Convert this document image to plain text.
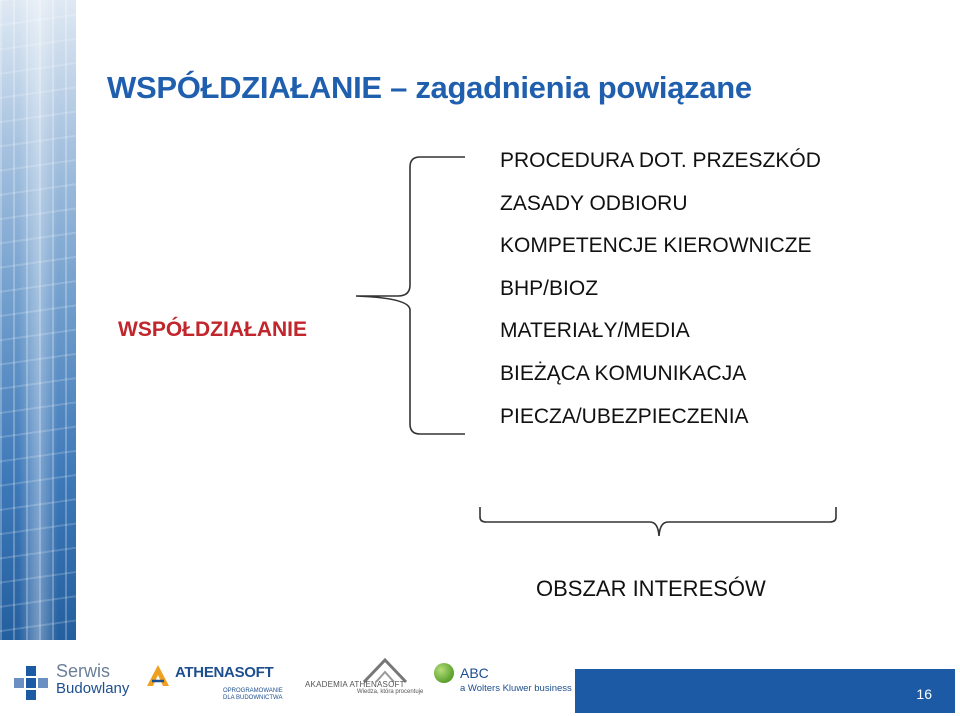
WSPÓŁDZIAŁANIE – zagadnienia powiązane
WSPÓŁDZIAŁANIE
PROCEDURA DOT. PRZESZKÓD
ZASADY ODBIORU
KOMPETENCJE KIEROWNICZE
BHP/BIOZ
MATERIAŁY/MEDIA
BIEŻĄCA KOMUNIKACJA
PIECZA/UBEZPIECZENIA
OBSZAR INTERESÓW
Serwis
Budowlany
ATHENASOFT
OPROGRAMOWANIE
DLA BUDOWNICTWA
AKADEMIA ATHENASOFT
Wiedza, która procentuje
ABC
a Wolters Kluwer business	16
